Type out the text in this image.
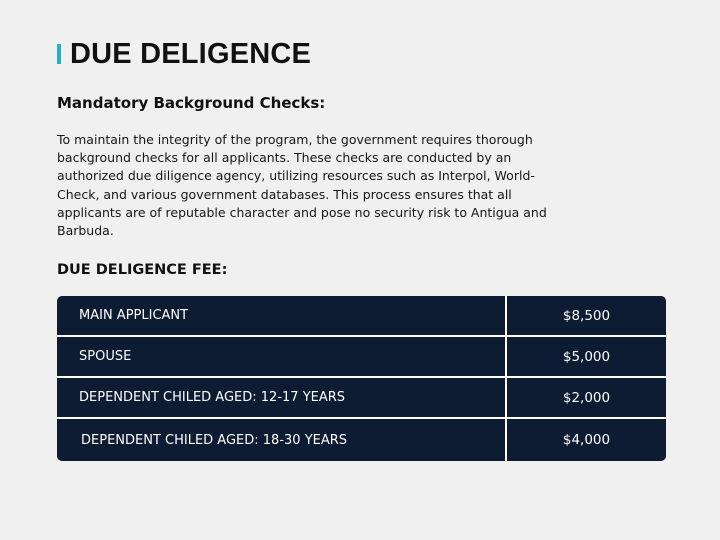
DUE DELIGENCE
Mandatory Background Checks:
To maintain the integrity of the program, the government requires thorough background checks for all applicants. These checks are conducted by an authorized due diligence agency, utilizing resources such as Interpol, World-Check, and various government databases. This process ensures that all applicants are of reputable character and pose no security risk to Antigua and Barbuda.
DUE DELIGENCE FEE:
MAIN APPLICANT	$8,500
SPOUSE	$5,000
DEPENDENT CHILED AGED: 12-17 YEARS	$2,000
DEPENDENT CHILED AGED: 18-30 YEARS	$4,000
